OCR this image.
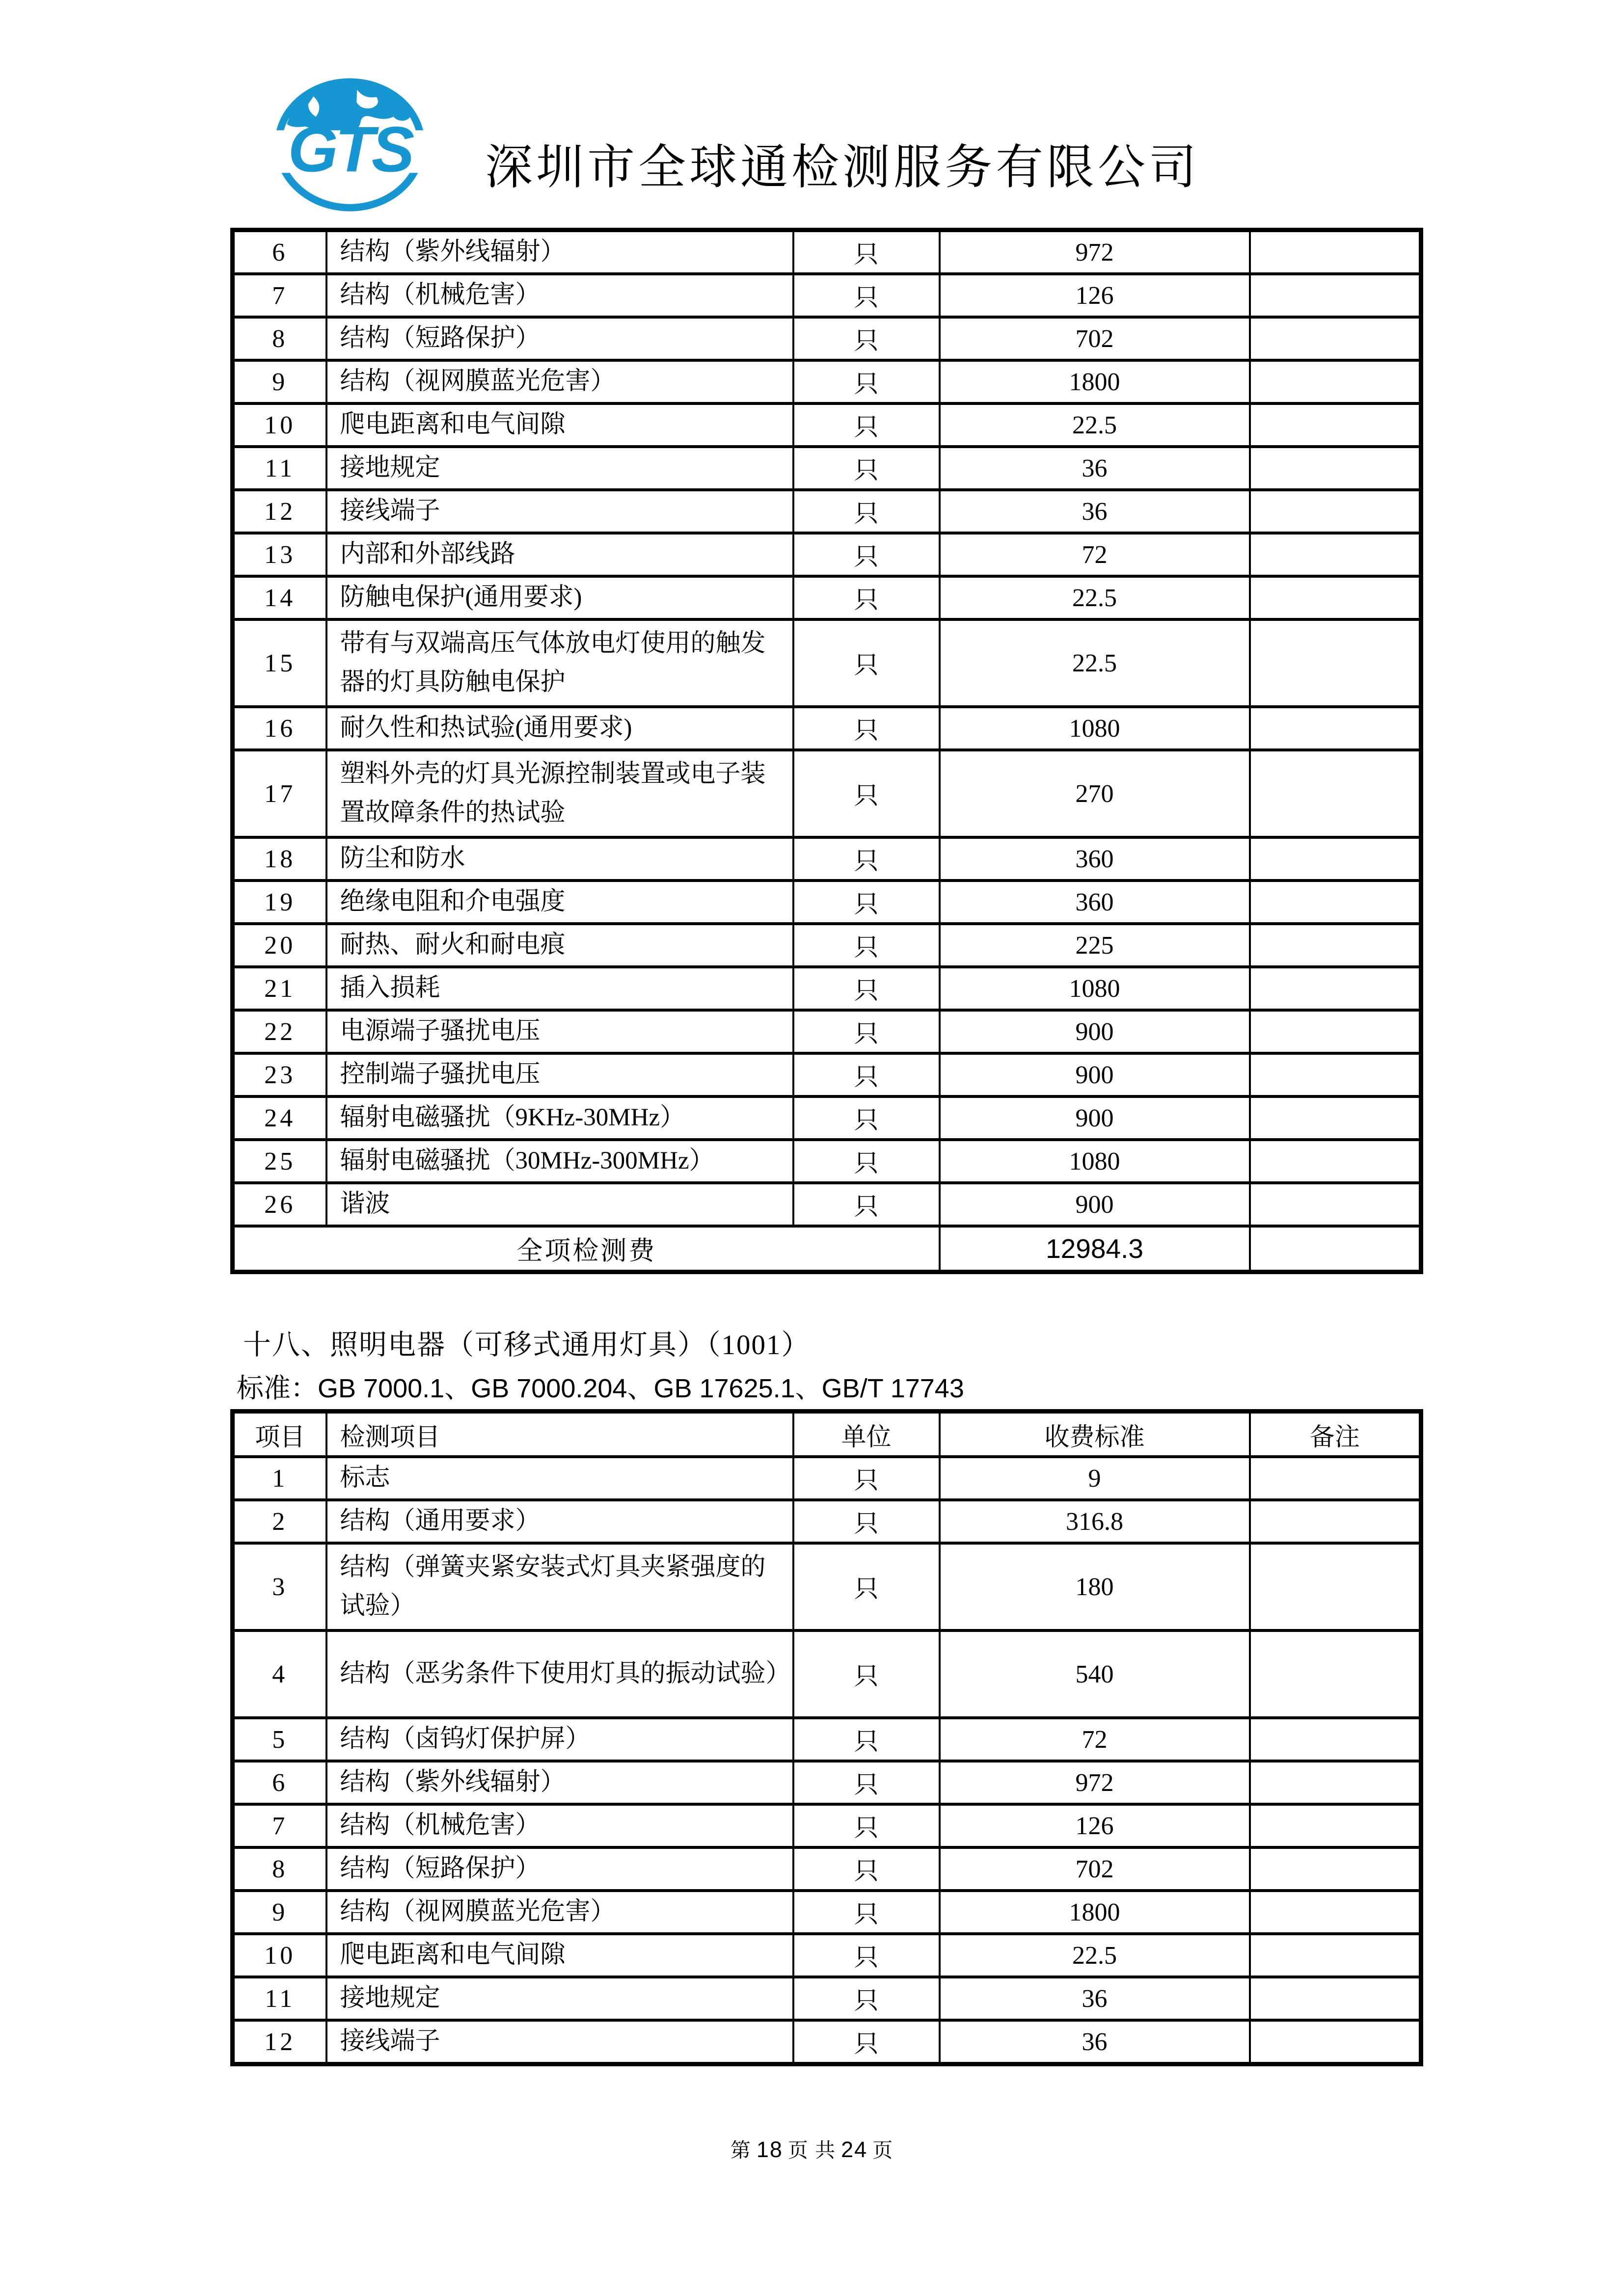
GTS 深圳市全球通检测服务有限公司
6	结构（紫外线辐射）	只	972	
7	结构（机械危害）	只	126	
8	结构（短路保护）	只	702	
9	结构（视网膜蓝光危害）	只	1800	
10	爬电距离和电气间隙	只	22.5	
11	接地规定	只	36	
12	接线端子	只	36	
13	内部和外部线路	只	72	
14	防触电保护(通用要求)	只	22.5	
15	带有与双端高压气体放电灯使用的触发器的灯具防触电保护	只	22.5	
16	耐久性和热试验(通用要求)	只	1080	
17	塑料外壳的灯具光源控制装置或电子装置故障条件的热试验	只	270	
18	防尘和防水	只	360	
19	绝缘电阻和介电强度	只	360	
20	耐热、耐火和耐电痕	只	225	
21	插入损耗	只	1080	
22	电源端子骚扰电压	只	900	
23	控制端子骚扰电压	只	900	
24	辐射电磁骚扰（9KHz-30MHz）	只	900	
25	辐射电磁骚扰（30MHz-300MHz）	只	1080	
26	谐波	只	900	
全项检测费			12984.3	
十八、照明电器（可移式通用灯具）（1001）
标准：GB 7000.1、GB 7000.204、GB 17625.1、GB/T 17743
项目	检测项目	单位	收费标准	备注
1	标志	只	9	
2	结构（通用要求）	只	316.8	
3	结构（弹簧夹紧安装式灯具夹紧强度的试验）	只	180	
4	结构（恶劣条件下使用灯具的振动试验）	只	540	
5	结构（卤钨灯保护屏）	只	72	
6	结构（紫外线辐射）	只	972	
7	结构（机械危害）	只	126	
8	结构（短路保护）	只	702	
9	结构（视网膜蓝光危害）	只	1800	
10	爬电距离和电气间隙	只	22.5	
11	接地规定	只	36	
12	接线端子	只	36	
第 18 页 共 24 页
